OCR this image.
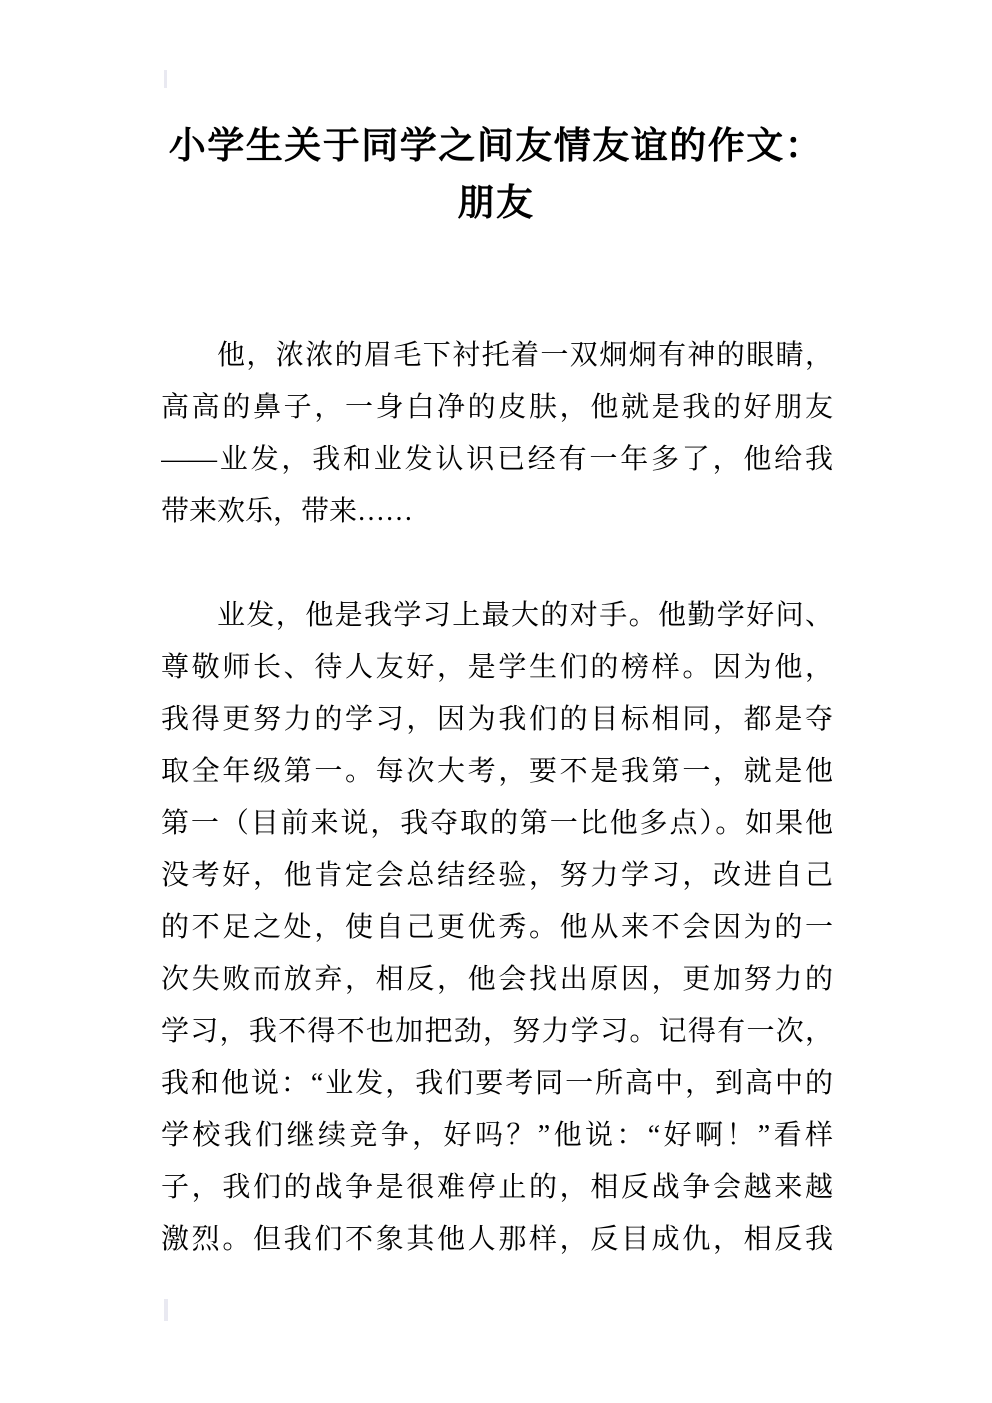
小学生关于同学之间友情友谊的作文：
朋友
他，浓浓的眉毛下衬托着一双炯炯有神的眼睛，
高高的鼻子，一身白净的皮肤，他就是我的好朋友
——业发，我和业发认识已经有一年多了，他给我
带来欢乐，带来……
业发，他是我学习上最大的对手。他勤学好问、
尊敬师长、待人友好，是学生们的榜样。因为他，
我得更努力的学习，因为我们的目标相同，都是夺
取全年级第一。每次大考，要不是我第一，就是他
第一（目前来说，我夺取的第一比他多点）。如果他
没考好，他肯定会总结经验，努力学习，改进自己
的不足之处，使自己更优秀。他从来不会因为的一
次失败而放弃，相反，他会找出原因，更加努力的
学习，我不得不也加把劲，努力学习。记得有一次，
我和他说：“业发，我们要考同一所高中，到高中的
学校我们继续竞争，好吗？”他说：“好啊！”看样
子，我们的战争是很难停止的，相反战争会越来越
激烈。但我们不象其他人那样，反目成仇，相反我
